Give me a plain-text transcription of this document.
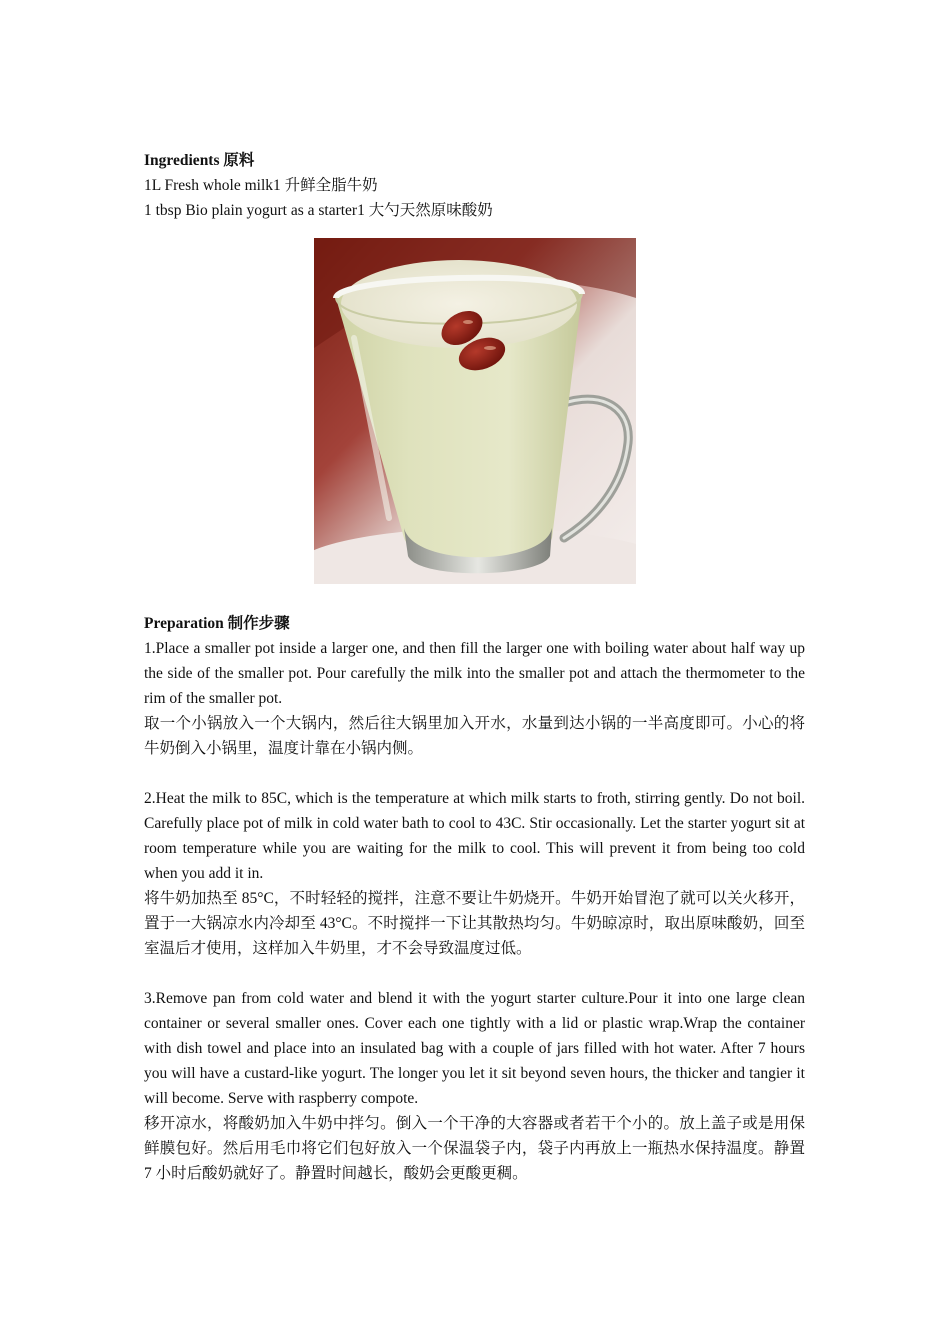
Ingredients 原料
1L Fresh whole milk1 升鲜全脂牛奶
1 tbsp Bio plain yogurt as a starter1 大勺天然原味酸奶
Preparation 制作步骤
1.Place a smaller pot inside a larger one, and then fill the larger one with boiling water about half way up the side of the smaller pot. Pour carefully the milk into the smaller pot and attach the thermometer to the rim of the smaller pot.
取一个小锅放入一个大锅内，然后往大锅里加入开水，水量到达小锅的一半高度即可。小心的将牛奶倒入小锅里，温度计靠在小锅内侧。
2.Heat the milk to 85C, which is the temperature at which milk starts to froth, stirring gently. Do not boil. Carefully place pot of milk in cold water bath to cool to 43C. Stir occasionally. Let the starter yogurt sit at room temperature while you are waiting for the milk to cool. This will prevent it from being too cold when you add it in.
将牛奶加热至 85°C，不时轻轻的搅拌，注意不要让牛奶烧开。牛奶开始冒泡了就可以关火移开，置于一大锅凉水内冷却至 43°C。不时搅拌一下让其散热均匀。牛奶晾凉时，取出原味酸奶，回至室温后才使用，这样加入牛奶里，才不会导致温度过低。
3.Remove pan from cold water and blend it with the yogurt starter culture.Pour it into one large clean container or several smaller ones. Cover each one tightly with a lid or plastic wrap.Wrap the container with dish towel and place into an insulated bag with a couple of jars filled with hot water. After 7 hours you will have a custard-like yogurt. The longer you let it sit beyond seven hours, the thicker and tangier it will become. Serve with raspberry compote.
移开凉水，将酸奶加入牛奶中拌匀。倒入一个干净的大容器或者若干个小的。放上盖子或是用保鲜膜包好。然后用毛巾将它们包好放入一个保温袋子内，袋子内再放上一瓶热水保持温度。静置 7 小时后酸奶就好了。静置时间越长，酸奶会更酸更稠。
